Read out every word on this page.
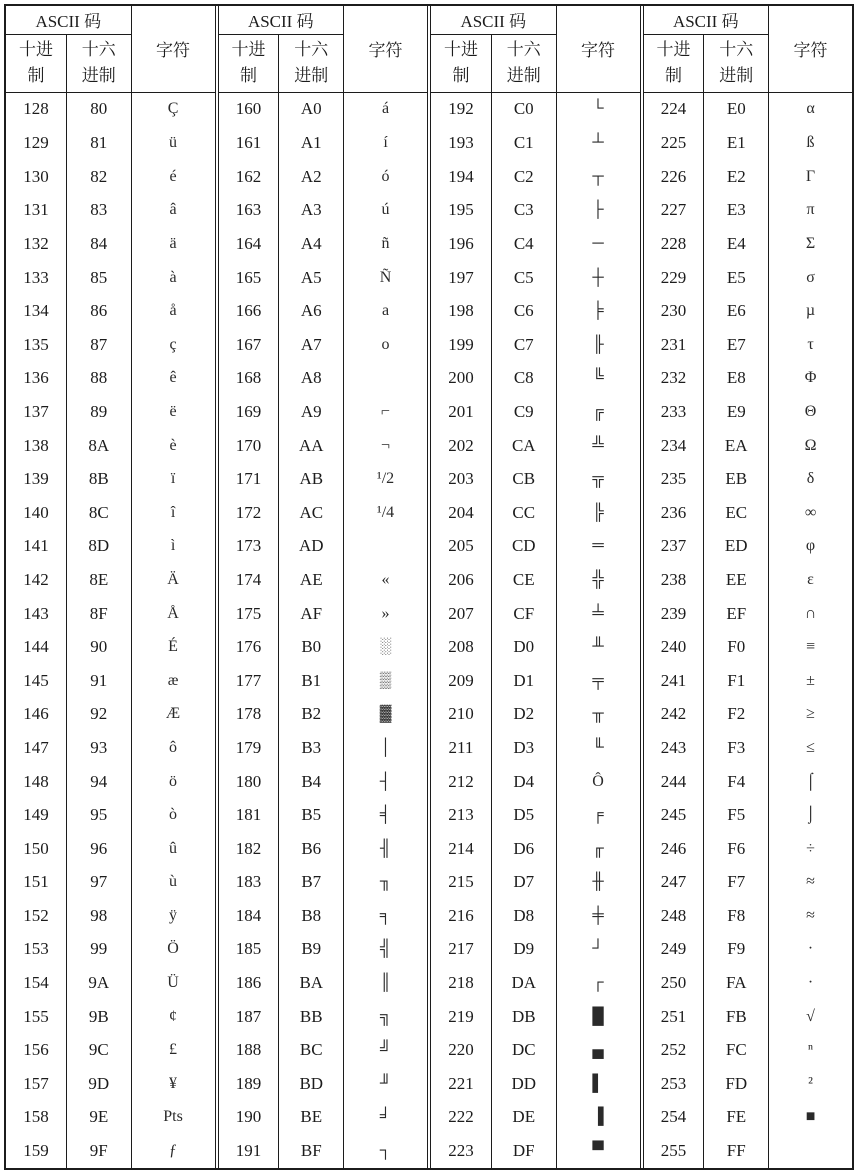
ASCII 码		字符

十进
制

十六
进制

128	80	Ç
129	81	ü
130	82	é
131	83	â
132	84	ä
133	85	à
134	86	å
135	87	ç
136	88	ê
137	89	ë
138	8A	è
139	8B	ï
140	8C	î
141	8D	ì
142	8E	Ä
143	8F	Å
144	90	É
145	91	æ
146	92	Æ
147	93	ô
148	94	ö
149	95	ò
150	96	û
151	97	ù
152	98	ÿ
153	99	Ö
154	9A	Ü
155	9B	¢
156	9C	£
157	9D	¥
158	9E	Pts
159	9F	ƒ
ASCII 码		字符

十进
制

十六
进制

160	A0	á
161	A1	í
162	A2	ó
163	A3	ú
164	A4	ñ
165	A5	Ñ
166	A6	a
167	A7	o
168	A8	
169	A9	⌐
170	AA	¬
171	AB	¹/2
172	AC	¹/4
173	AD	
174	AE	«
175	AF	»
176	B0	░
177	B1	▒
178	B2	▓
179	B3	│
180	B4	┤
181	B5	╡
182	B6	╢
183	B7	╖
184	B8	╕
185	B9	╣
186	BA	║
187	BB	╗
188	BC	╝
189	BD	╜
190	BE	╛
191	BF	┐
ASCII 码		字符

十进
制

十六
进制

192	C0	└
193	C1	┴
194	C2	┬
195	C3	├
196	C4	─
197	C5	┼
198	C6	╞
199	C7	╟
200	C8	╚
201	C9	╔
202	CA	╩
203	CB	╦
204	CC	╠
205	CD	═
206	CE	╬
207	CF	╧
208	D0	╨
209	D1	╤
210	D2	╥
211	D3	╙
212	D4	Ô
213	D5	╒
214	D6	╓
215	D7	╫
216	D8	╪
217	D9	┘
218	DA	┌
219	DB	█
220	DC	▄
221	DD	▌
222	DE	▐
223	DF	▀
ASCII 码		字符

十进
制

十六
进制

224	E0	α
225	E1	ß
226	E2	Γ
227	E3	π
228	E4	Σ
229	E5	σ
230	E6	µ
231	E7	τ
232	E8	Φ
233	E9	Θ
234	EA	Ω
235	EB	δ
236	EC	∞
237	ED	φ
238	EE	ε
239	EF	∩
240	F0	≡
241	F1	±
242	F2	≥
243	F3	≤
244	F4	⌠
245	F5	⌡
246	F6	÷
247	F7	≈
248	F8	≈
249	F9	∙
250	FA	·
251	FB	√
252	FC	ⁿ
253	FD	²
254	FE	■
255	FF	
